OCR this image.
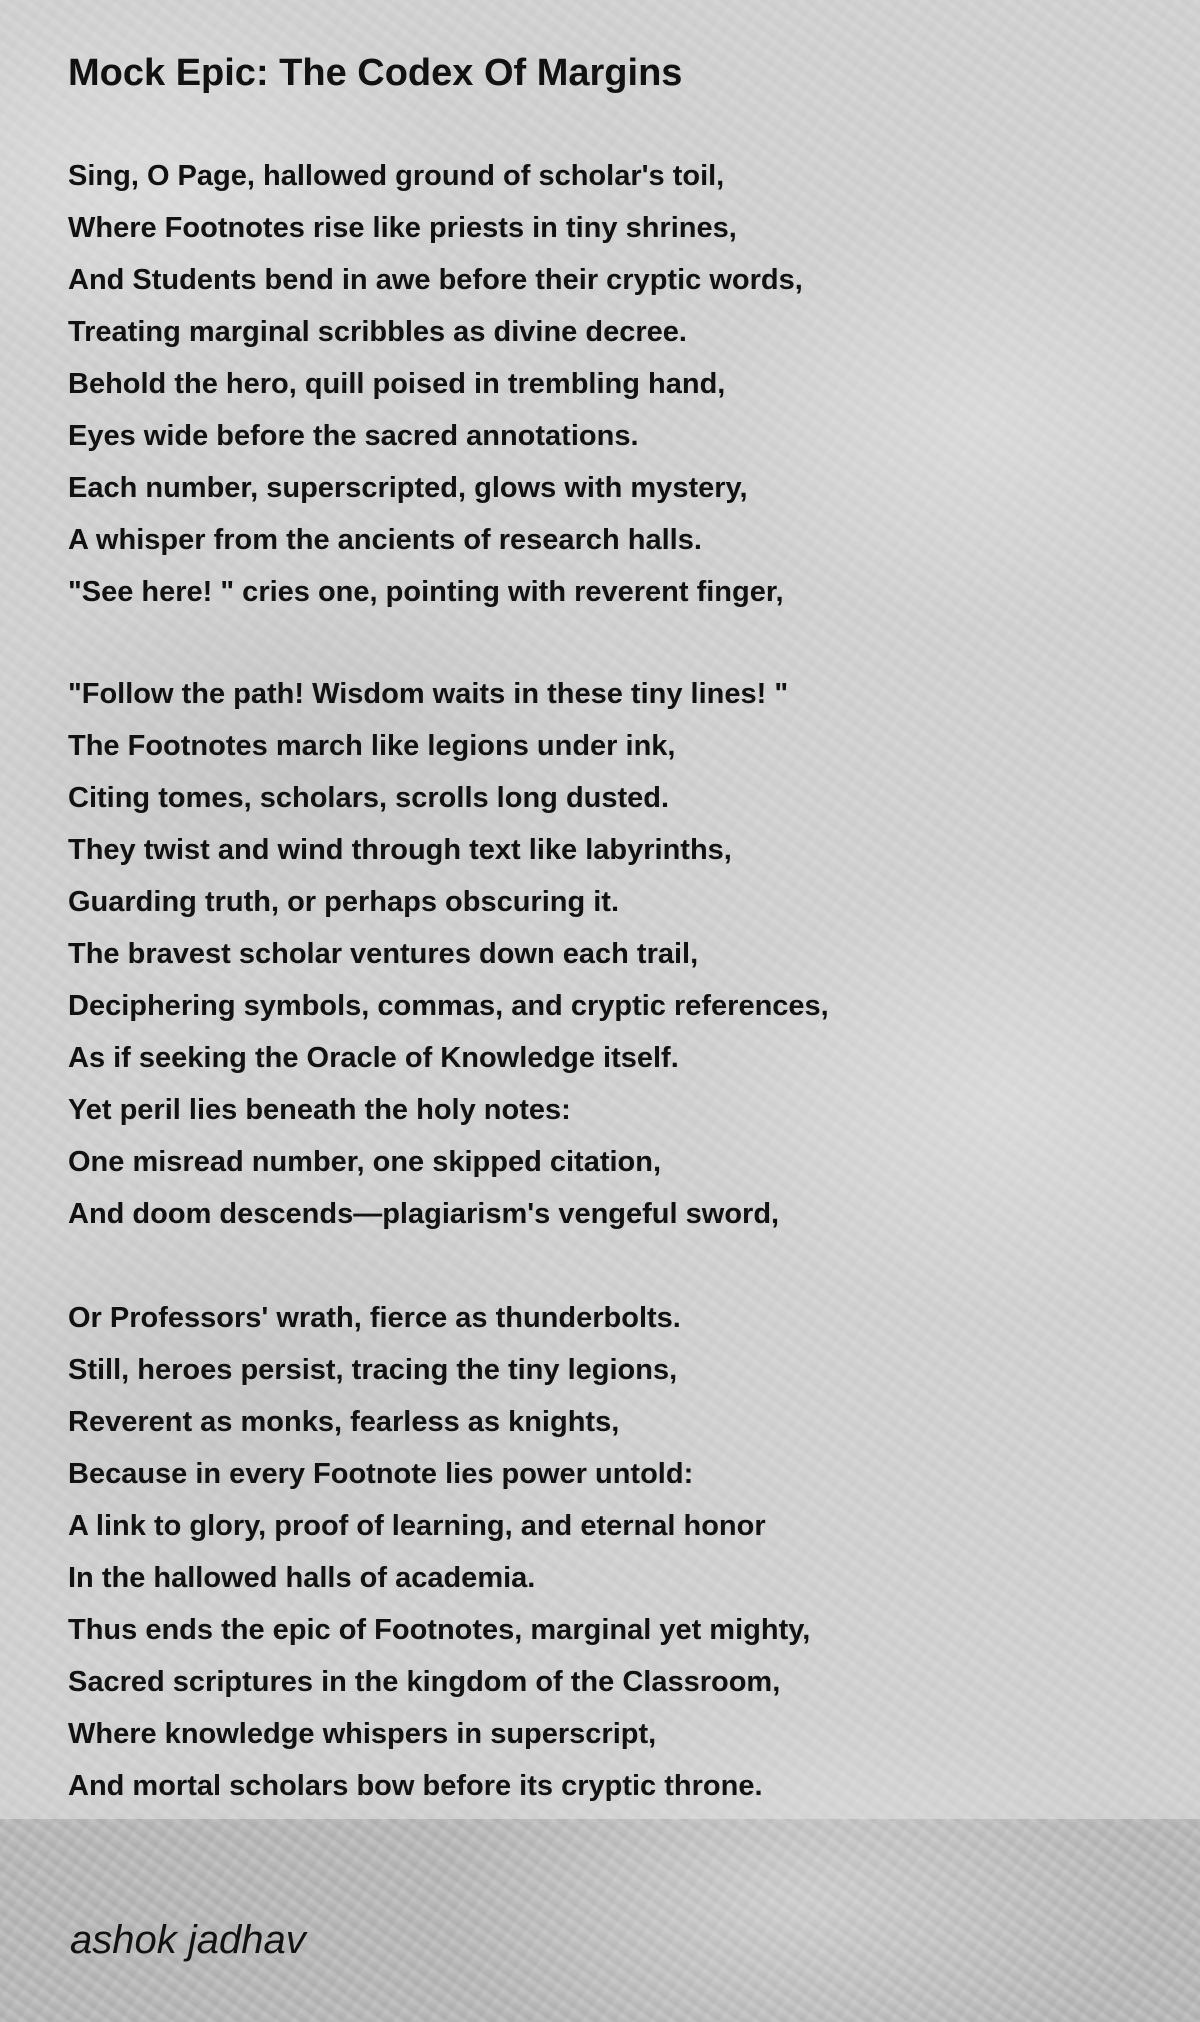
Mock Epic: The Codex Of Margins
Sing, O Page, hallowed ground of scholar's toil,
Where Footnotes rise like priests in tiny shrines,
And Students bend in awe before their cryptic words,
Treating marginal scribbles as divine decree.
Behold the hero, quill poised in trembling hand,
Eyes wide before the sacred annotations.
Each number, superscripted, glows with mystery,
A whisper from the ancients of research halls.
"See here! " cries one, pointing with reverent finger,
"Follow the path! Wisdom waits in these tiny lines! "
The Footnotes march like legions under ink,
Citing tomes, scholars, scrolls long dusted.
They twist and wind through text like labyrinths,
Guarding truth, or perhaps obscuring it.
The bravest scholar ventures down each trail,
Deciphering symbols, commas, and cryptic references,
As if seeking the Oracle of Knowledge itself.
Yet peril lies beneath the holy notes:
One misread number, one skipped citation,
And doom descends—plagiarism's vengeful sword,
Or Professors' wrath, fierce as thunderbolts.
Still, heroes persist, tracing the tiny legions,
Reverent as monks, fearless as knights,
Because in every Footnote lies power untold:
A link to glory, proof of learning, and eternal honor
In the hallowed halls of academia.
Thus ends the epic of Footnotes, marginal yet mighty,
Sacred scriptures in the kingdom of the Classroom,
Where knowledge whispers in superscript,
And mortal scholars bow before its cryptic throne.
ashok jadhav
